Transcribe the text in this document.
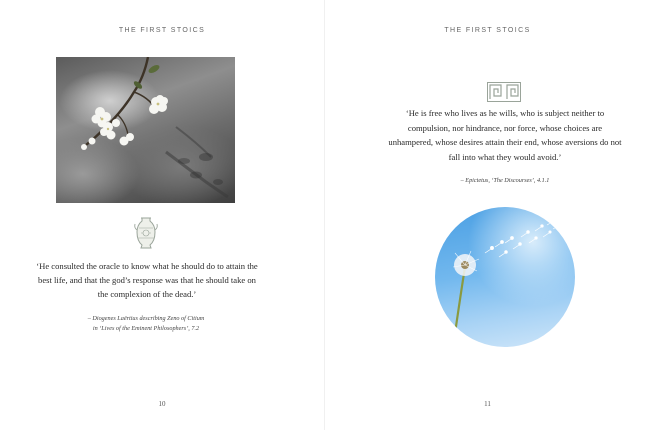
THE FIRST STOICS
‘He consulted the oracle to know what he should do to attain the best life, and that the god’s response was that he should take on the complexion of the dead.’
– Diogenes Laërtius describing Zeno of Citium
in ‘Lives of the Eminent Philosophers’, 7.2
10
THE FIRST STOICS
‘He is free who lives as he wills, who is subject neither to compulsion, nor hindrance, nor force, whose choices are unhampered, whose desires attain their end, whose aversions do not fall into what they would avoid.’
– Epictetus, ‘The Discourses’, 4.1.1
11
